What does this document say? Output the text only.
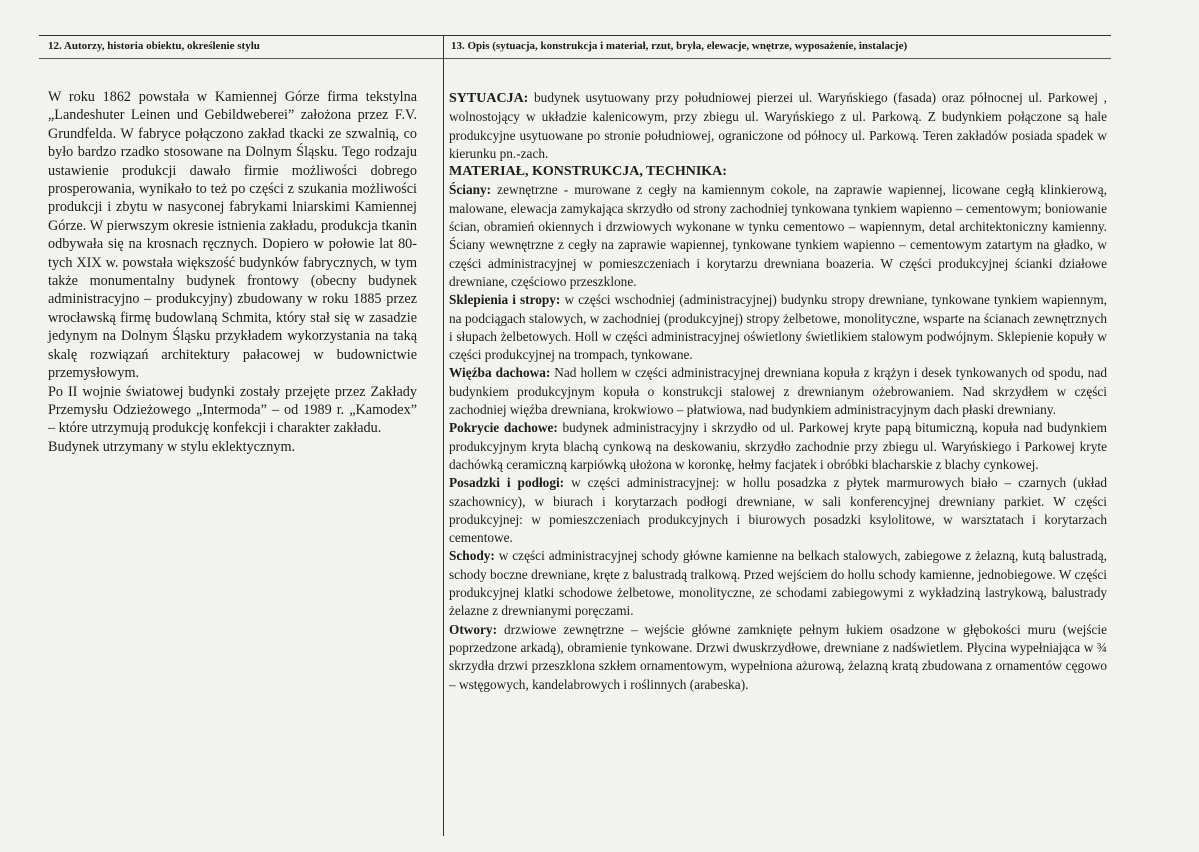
12. Autorzy, historia obiektu, określenie stylu	13. Opis (sytuacja, konstrukcja i materiał, rzut, bryła, elewacje, wnętrze, wyposażenie, instalacje)

W roku 1862 powstała w Kamiennej Górze firma tekstylna „Landeshuter Leinen und Gebildweberei” założona przez F.V. Grundfelda. W fabryce połączono zakład tkacki ze szwalnią, co było bardzo rzadko stosowane na Dolnym Śląsku. Tego rodzaju ustawienie produkcji dawało firmie możliwości dobrego prosperowania, wynikało to też po części z szukania możliwości produkcji i zbytu w nasyconej fabrykami lniarskimi Kamiennej Górze. W pierwszym okresie istnienia zakładu, produkcja tkanin odbywała się na krosnach ręcznych. Dopiero w połowie lat 80-tych XIX w. powstała większość budynków fabrycznych, w tym także monumentalny budynek frontowy (obecny budynek administracyjno – produkcyjny) zbudowany w roku 1885 przez wrocławską firmę budowlaną Schmita, który stał się w zasadzie jedynym na Dolnym Śląsku przykładem wykorzystania na taką skalę rozwiązań architektury pałacowej w budownictwie przemysłowym.

Po II wojnie światowej budynki zostały przejęte przez Zakłady Przemysłu Odzieżowego „Intermoda” – od 1989 r. „Kamodex” – które utrzymują produkcję konfekcji i charakter zakładu.

Budynek utrzymany w stylu eklektycznym.

SYTUACJA: budynek usytuowany przy południowej pierzei ul. Waryńskiego (fasada) oraz północnej ul. Parkowej , wolnostojący w układzie kalenicowym, przy zbiegu ul. Waryńskiego z ul. Parkową. Z budynkiem połączone są hale produkcyjne usytuowane po stronie południowej, ograniczone od północy ul. Parkową. Teren zakładów posiada spadek w kierunku pn.-zach.

MATERIAŁ, KONSTRUKCJA, TECHNIKA:

Ściany: zewnętrzne - murowane z cegły na kamiennym cokole, na zaprawie wapiennej, licowane cegłą klinkierową, malowane, elewacja zamykająca skrzydło od strony zachodniej tynkowana tynkiem wapienno – cementowym; boniowanie ścian, obramień okiennych i drzwiowych wykonane w tynku cementowo – wapiennym, detal architektoniczny kamienny. Ściany wewnętrzne z cegły na zaprawie wapiennej, tynkowane tynkiem wapienno – cementowym zatartym na gładko, w części administracyjnej w pomieszczeniach i korytarzu drewniana boazeria. W części produkcyjnej ścianki działowe drewniane, częściowo przeszklone.

Sklepienia i stropy: w części wschodniej (administracyjnej) budynku stropy drewniane, tynkowane tynkiem wapiennym, na podciągach stalowych, w zachodniej (produkcyjnej) stropy żelbetowe, monolityczne, wsparte na ścianach zewnętrznych i słupach żelbetowych. Holl w części administracyjnej oświetlony świetlikiem stalowym podwójnym. Sklepienie kopuły w części produkcyjnej na trompach, tynkowane.

Więźba dachowa: Nad hollem w części administracyjnej drewniana kopuła z krążyn i desek tynkowanych od spodu, nad budynkiem produkcyjnym kopuła o konstrukcji stalowej z drewnianym ożebrowaniem. Nad skrzydłem w części zachodniej więźba drewniana, krokwiowo – płatwiowa, nad budynkiem administracyjnym dach płaski drewniany.

Pokrycie dachowe: budynek administracyjny i skrzydło od ul. Parkowej kryte papą bitumiczną, kopuła nad budynkiem produkcyjnym kryta blachą cynkową na deskowaniu, skrzydło zachodnie przy zbiegu ul. Waryńskiego i Parkowej kryte dachówką ceramiczną karpiówką ułożona w koronkę, hełmy facjatek i obróbki blacharskie z blachy cynkowej.

Posadzki i podłogi: w części administracyjnej: w hollu posadzka z płytek marmurowych biało – czarnych (układ szachownicy), w biurach i korytarzach podłogi drewniane, w sali konferencyjnej drewniany parkiet. W części produkcyjnej: w pomieszczeniach produkcyjnych i biurowych posadzki ksylolitowe, w warsztatach i korytarzach cementowe.

Schody: w części administracyjnej schody główne kamienne na belkach stalowych, zabiegowe z żelazną, kutą balustradą, schody boczne drewniane, kręte z balustradą tralkową. Przed wejściem do hollu schody kamienne, jednobiegowe. W części produkcyjnej klatki schodowe żelbetowe, monolityczne, ze schodami zabiegowymi z wykładziną lastrykową, balustrady żelazne z drewnianymi poręczami.

Otwory: drzwiowe zewnętrzne – wejście główne zamknięte pełnym łukiem osadzone w głębokości muru (wejście poprzedzone arkadą), obramienie tynkowane. Drzwi dwuskrzydłowe, drewniane z nadświetlem. Płycina wypełniająca w ¾ skrzydła drzwi przeszklona szkłem ornamentowym, wypełniona ażurową, żelazną kratą zbudowana z ornamentów cęgowo – wstęgowych, kandelabrowych i roślinnych (arabeska).
